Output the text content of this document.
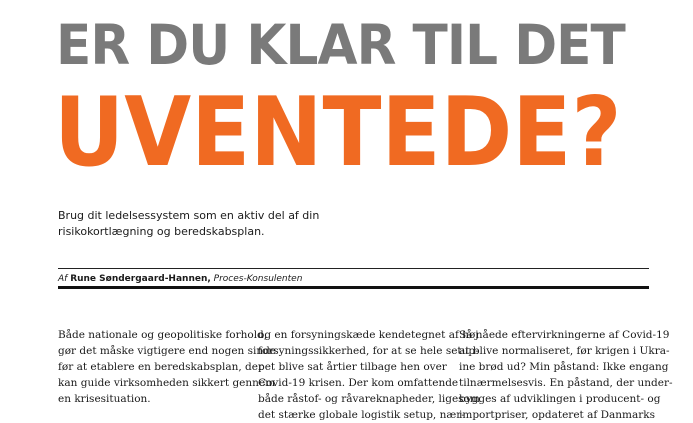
ER DU KLAR TIL DET
UVENTEDE?
Brug dit ledelsessystem som en aktiv del af din
risikokortlægning og beredskabsplan.
Af Rune Søndergaard-Hannen, Proces-Konsulenten
Både nationale og geopolitiske forhold,
gør det måske vigtigere end nogen sinde
før at etablere en beredskabsplan, der
kan guide virksomheden sikkert gennem
en krisesituation.
og en forsyningskæde kendetegnet af høj
forsyningssikkerhed, for at se hele setup-
pet blive sat årtier tilbage hen over
Covid-19 krisen. Der kom omfattende
både råstof- og råvareknapheder, ligesom
det stærke globale logistik setup, nær-
Så nåede eftervirkningerne af Covid-19
at blive normaliseret, før krigen i Ukra-
ine brød ud? Min påstand: Ikke engang
tilnærmelsesvis. En påstand, der under-
bygges af udviklingen i producent- og
importpriser, opdateret af Danmarks
